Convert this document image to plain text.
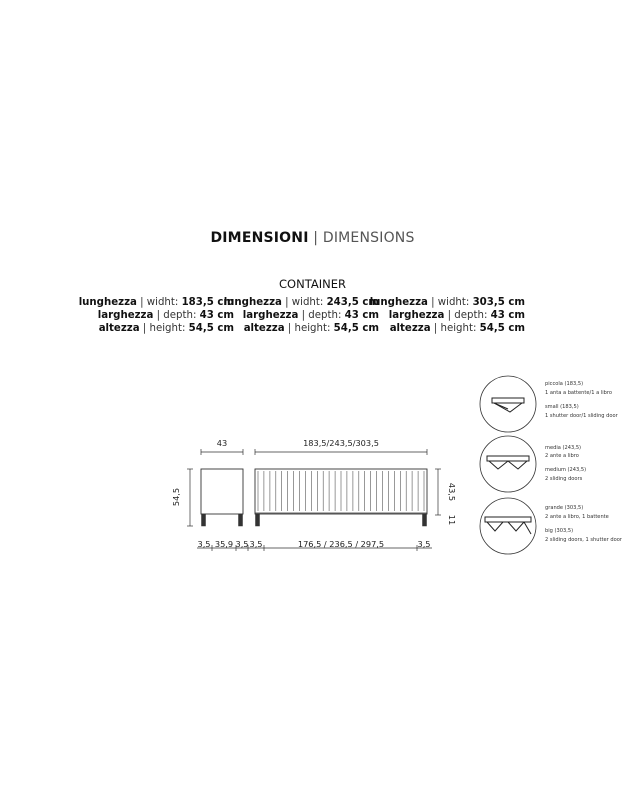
DIMENSIONI | DIMENSIONS
CONTAINER
lunghezza | widht: 183,5 cm
larghezza | depth: 43 cm
altezza | height: 54,5 cm
lunghezza | widht: 243,5 cm
larghezza | depth: 43 cm
altezza | height: 54,5 cm
lunghezza | widht: 303,5 cm
larghezza | depth: 43 cm
altezza | height: 54,5 cm
43	183,5/243,5/303,5
54,5	43,5
11
3,5 35,9 3,5 3,5	176,5 / 236,5 / 297,5	3,5
piccola (183,5)
1 anta a battente/1 a libro
small (183,5)
1 shutter door/1 sliding door
media (243,5)
2 ante a libro
medium (243,5)
2 sliding doors
grande (303,5)
2 ante a libro, 1 battente
big (303,5)
2 sliding doors, 1 shutter door
